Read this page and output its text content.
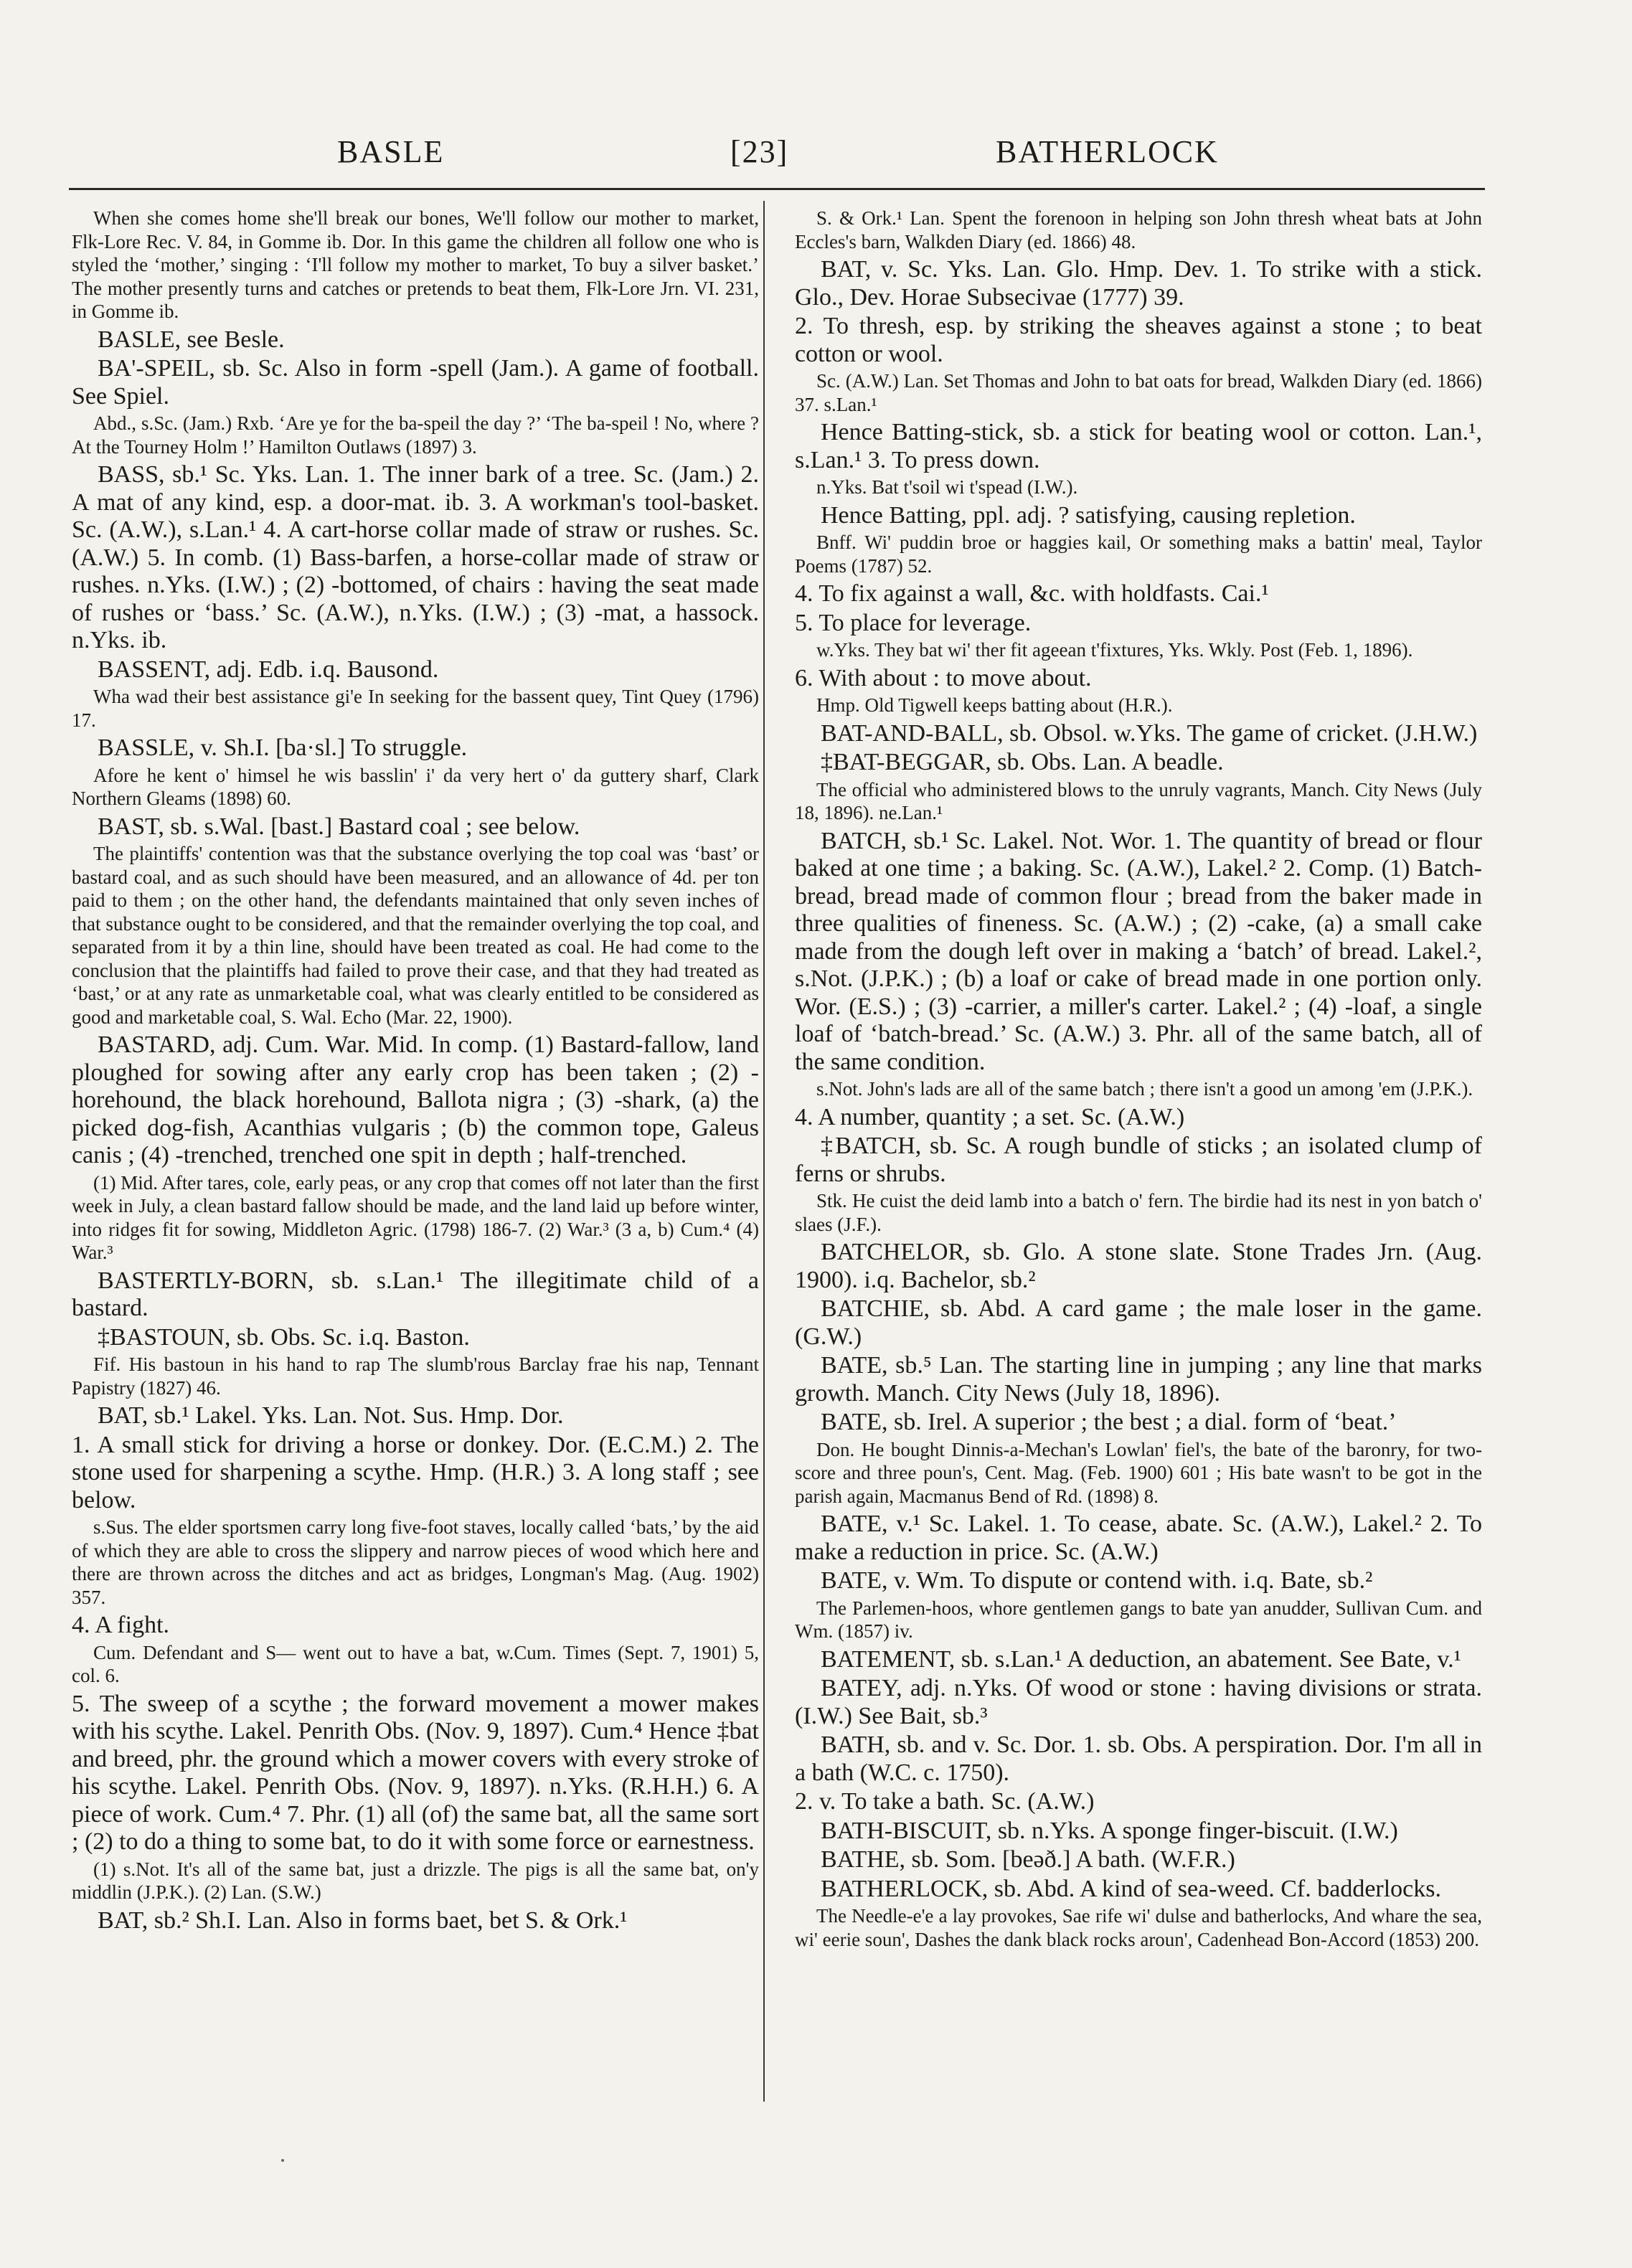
BASLE	[23]	BATHERLOCK

When she comes home she'll break our bones, We'll follow our mother to market, Flk-Lore Rec. V. 84, in Gomme ib. Dor. In this game the children all follow one who is styled the ‘mother,’ singing : ‘I'll follow my mother to market, To buy a silver basket.’ The mother presently turns and catches or pretends to beat them, Flk-Lore Jrn. VI. 231, in Gomme ib.

BASLE, see Besle.

BA'-SPEIL, sb. Sc. Also in form -spell (Jam.). A game of football. See Spiel.

Abd., s.Sc. (Jam.) Rxb. ‘Are ye for the ba-speil the day ?’ ‘The ba-speil ! No, where ? At the Tourney Holm !’ Hamilton Outlaws (1897) 3.

BASS, sb.¹ Sc. Yks. Lan. 1. The inner bark of a tree. Sc. (Jam.) 2. A mat of any kind, esp. a door-mat. ib. 3. A workman's tool-basket. Sc. (A.W.), s.Lan.¹ 4. A cart-horse collar made of straw or rushes. Sc. (A.W.) 5. In comb. (1) Bass-barfen, a horse-collar made of straw or rushes. n.Yks. (I.W.) ; (2) -bottomed, of chairs : having the seat made of rushes or ‘bass.’ Sc. (A.W.), n.Yks. (I.W.) ; (3) -mat, a hassock. n.Yks. ib.

BASSENT, adj. Edb. i.q. Bausond.

Wha wad their best assistance gi'e In seeking for the bassent quey, Tint Quey (1796) 17.

BASSLE, v. Sh.I. [ba·sl.] To struggle.

Afore he kent o' himsel he wis basslin' i' da very hert o' da guttery sharf, Clark Northern Gleams (1898) 60.

BAST, sb. s.Wal. [bast.] Bastard coal ; see below.

The plaintiffs' contention was that the substance overlying the top coal was ‘bast’ or bastard coal, and as such should have been measured, and an allowance of 4d. per ton paid to them ; on the other hand, the defendants maintained that only seven inches of that substance ought to be considered, and that the remainder overlying the top coal, and separated from it by a thin line, should have been treated as coal. He had come to the conclusion that the plaintiffs had failed to prove their case, and that they had treated as ‘bast,’ or at any rate as unmarketable coal, what was clearly entitled to be considered as good and marketable coal, S. Wal. Echo (Mar. 22, 1900).

BASTARD, adj. Cum. War. Mid. In comp. (1) Bastard-fallow, land ploughed for sowing after any early crop has been taken ; (2) -horehound, the black horehound, Ballota nigra ; (3) -shark, (a) the picked dog-fish, Acanthias vulgaris ; (b) the common tope, Galeus canis ; (4) -trenched, trenched one spit in depth ; half-trenched.

(1) Mid. After tares, cole, early peas, or any crop that comes off not later than the first week in July, a clean bastard fallow should be made, and the land laid up before winter, into ridges fit for sowing, Middleton Agric. (1798) 186-7. (2) War.³ (3 a, b) Cum.⁴ (4) War.³

BASTERTLY-BORN, sb. s.Lan.¹ The illegitimate child of a bastard.

‡BASTOUN, sb. Obs. Sc. i.q. Baston.

Fif. His bastoun in his hand to rap The slumb'rous Barclay frae his nap, Tennant Papistry (1827) 46.

BAT, sb.¹ Lakel. Yks. Lan. Not. Sus. Hmp. Dor.

1. A small stick for driving a horse or donkey. Dor. (E.C.M.) 2. The stone used for sharpening a scythe. Hmp. (H.R.) 3. A long staff ; see below.

s.Sus. The elder sportsmen carry long five-foot staves, locally called ‘bats,’ by the aid of which they are able to cross the slippery and narrow pieces of wood which here and there are thrown across the ditches and act as bridges, Longman's Mag. (Aug. 1902) 357.

4. A fight.

Cum. Defendant and S— went out to have a bat, w.Cum. Times (Sept. 7, 1901) 5, col. 6.

5. The sweep of a scythe ; the forward movement a mower makes with his scythe. Lakel. Penrith Obs. (Nov. 9, 1897). Cum.⁴ Hence ‡bat and breed, phr. the ground which a mower covers with every stroke of his scythe. Lakel. Penrith Obs. (Nov. 9, 1897). n.Yks. (R.H.H.) 6. A piece of work. Cum.⁴ 7. Phr. (1) all (of) the same bat, all the same sort ; (2) to do a thing to some bat, to do it with some force or earnestness.

(1) s.Not. It's all of the same bat, just a drizzle. The pigs is all the same bat, on'y middlin (J.P.K.). (2) Lan. (S.W.)

BAT, sb.² Sh.I. Lan. Also in forms baet, bet S. & Ork.¹

S. & Ork.¹ Lan. Spent the forenoon in helping son John thresh wheat bats at John Eccles's barn, Walkden Diary (ed. 1866) 48.

BAT, v. Sc. Yks. Lan. Glo. Hmp. Dev. 1. To strike with a stick. Glo., Dev. Horae Subsecivae (1777) 39.

2. To thresh, esp. by striking the sheaves against a stone ; to beat cotton or wool.

Sc. (A.W.) Lan. Set Thomas and John to bat oats for bread, Walkden Diary (ed. 1866) 37. s.Lan.¹

Hence Batting-stick, sb. a stick for beating wool or cotton. Lan.¹, s.Lan.¹ 3. To press down.

n.Yks. Bat t'soil wi t'spead (I.W.).

Hence Batting, ppl. adj. ? satisfying, causing repletion.

Bnff. Wi' puddin broe or haggies kail, Or something maks a battin' meal, Taylor Poems (1787) 52.

4. To fix against a wall, &c. with holdfasts. Cai.¹

5. To place for leverage.

w.Yks. They bat wi' ther fit ageean t'fixtures, Yks. Wkly. Post (Feb. 1, 1896).

6. With about : to move about.

Hmp. Old Tigwell keeps batting about (H.R.).

BAT-AND-BALL, sb. Obsol. w.Yks. The game of cricket. (J.H.W.)

‡BAT-BEGGAR, sb. Obs. Lan. A beadle.

The official who administered blows to the unruly vagrants, Manch. City News (July 18, 1896). ne.Lan.¹

BATCH, sb.¹ Sc. Lakel. Not. Wor. 1. The quantity of bread or flour baked at one time ; a baking. Sc. (A.W.), Lakel.² 2. Comp. (1) Batch-bread, bread made of common flour ; bread from the baker made in three qualities of fineness. Sc. (A.W.) ; (2) -cake, (a) a small cake made from the dough left over in making a ‘batch’ of bread. Lakel.², s.Not. (J.P.K.) ; (b) a loaf or cake of bread made in one portion only. Wor. (E.S.) ; (3) -carrier, a miller's carter. Lakel.² ; (4) -loaf, a single loaf of ‘batch-bread.’ Sc. (A.W.) 3. Phr. all of the same batch, all of the same condition.

s.Not. John's lads are all of the same batch ; there isn't a good un among 'em (J.P.K.).

4. A number, quantity ; a set. Sc. (A.W.)

‡BATCH, sb. Sc. A rough bundle of sticks ; an isolated clump of ferns or shrubs.

Stk. He cuist the deid lamb into a batch o' fern. The birdie had its nest in yon batch o' slaes (J.F.).

BATCHELOR, sb. Glo. A stone slate. Stone Trades Jrn. (Aug. 1900). i.q. Bachelor, sb.²

BATCHIE, sb. Abd. A card game ; the male loser in the game. (G.W.)

BATE, sb.⁵ Lan. The starting line in jumping ; any line that marks growth. Manch. City News (July 18, 1896).

BATE, sb. Irel. A superior ; the best ; a dial. form of ‘beat.’

Don. He bought Dinnis-a-Mechan's Lowlan' fiel's, the bate of the baronry, for two-score and three poun's, Cent. Mag. (Feb. 1900) 601 ; His bate wasn't to be got in the parish again, Macmanus Bend of Rd. (1898) 8.

BATE, v.¹ Sc. Lakel. 1. To cease, abate. Sc. (A.W.), Lakel.² 2. To make a reduction in price. Sc. (A.W.)

BATE, v. Wm. To dispute or contend with. i.q. Bate, sb.²

The Parlemen-hoos, whore gentlemen gangs to bate yan anudder, Sullivan Cum. and Wm. (1857) iv.

BATEMENT, sb. s.Lan.¹ A deduction, an abatement. See Bate, v.¹

BATEY, adj. n.Yks. Of wood or stone : having divisions or strata. (I.W.) See Bait, sb.³

BATH, sb. and v. Sc. Dor. 1. sb. Obs. A perspiration. Dor. I'm all in a bath (W.C. c. 1750).

2. v. To take a bath. Sc. (A.W.)

BATH-BISCUIT, sb. n.Yks. A sponge finger-biscuit. (I.W.)

BATHE, sb. Som. [beəð.] A bath. (W.F.R.)

BATHERLOCK, sb. Abd. A kind of sea-weed. Cf. badderlocks.

The Needle-e'e a lay provokes, Sae rife wi' dulse and batherlocks, And whare the sea, wi' eerie soun', Dashes the dank black rocks aroun', Cadenhead Bon-Accord (1853) 200.
